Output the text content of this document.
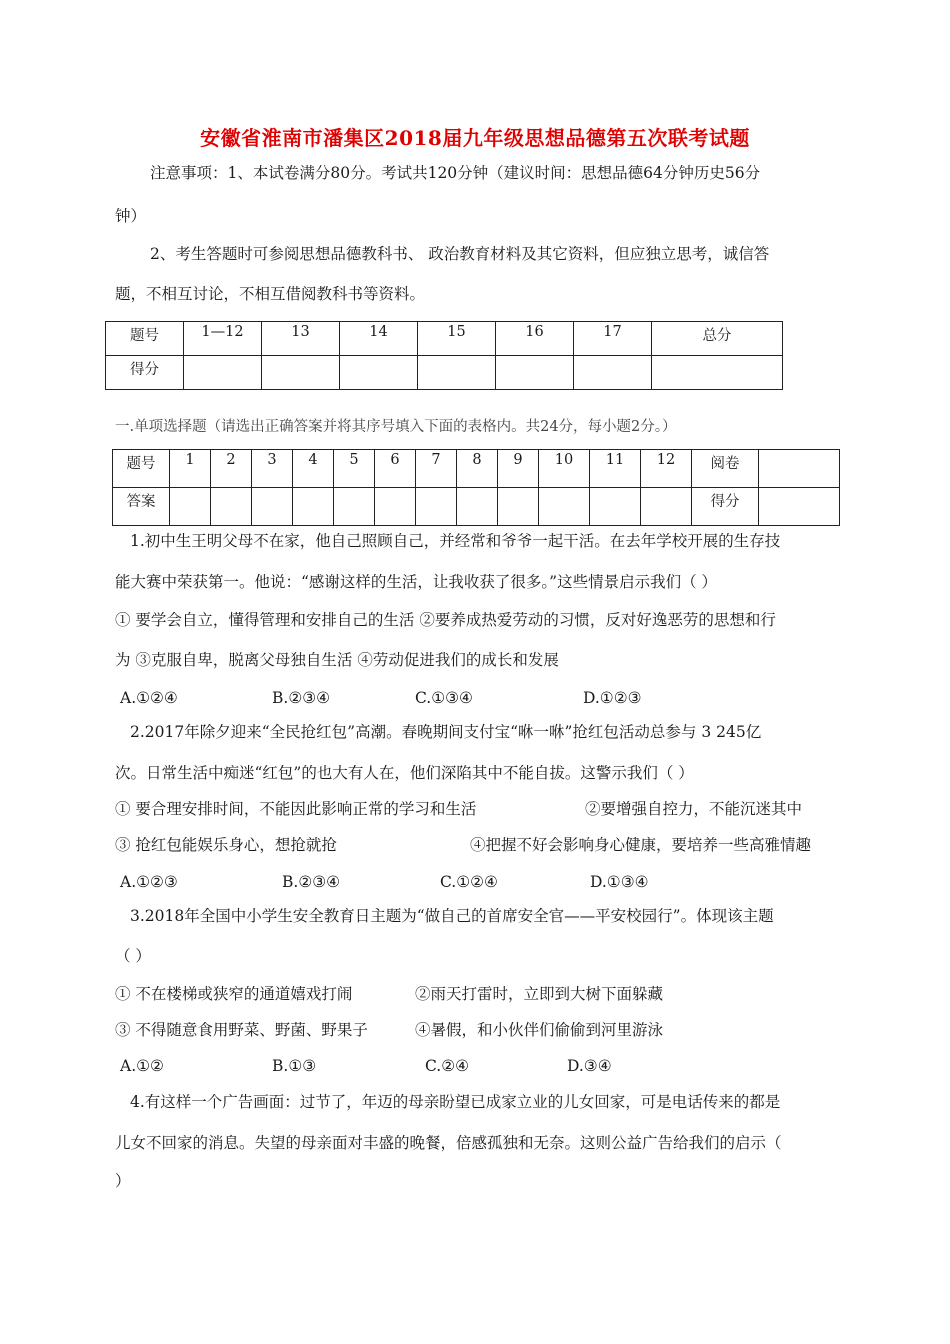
安徽省淮南市潘集区2018届九年级思想品德第五次联考试题
注意事项：1、本试卷满分80分。考试共120分钟（建议时间：思想品德64分钟历史56分
钟）
2、考生答题时可参阅思想品德教科书、 政治教育材料及其它资料，但应独立思考，诚信答
题，不相互讨论，不相互借阅教科书等资料。
题号	1—12	13	14	15	16	17	总分
得分							
一.单项选择题（请选出正确答案并将其序号填入下面的表格内。共24分，每小题2分。）
题号	1	2	3	4	5	6	7	8	9	10	11	12	阅卷	
答案													得分	
1.初中生王明父母不在家，他自己照顾自己，并经常和爷爷一起干活。在去年学校开展的生存技
能大赛中荣获第一。他说：“感谢这样的生活，让我收获了很多。”这些情景启示我们（ ）
① 要学会自立，懂得管理和安排自己的生活 ②要养成热爱劳动的习惯，反对好逸恶劳的思想和行
为 ③克服自卑，脱离父母独自生活 ④劳动促进我们的成长和发展
A.①②④	B.②③④	C.①③④	D.①②③
2.2017年除夕迎来“全民抢红包”高潮。春晚期间支付宝“咻一咻”抢红包活动总参与 3 245亿
次。日常生活中痴迷“红包”的也大有人在，他们深陷其中不能自拔。这警示我们（ ）
① 要合理安排时间，不能因此影响正常的学习和生活	②要增强自控力，不能沉迷其中
③ 抢红包能娱乐身心，想抢就抢	④把握不好会影响身心健康，要培养一些高雅情趣
A.①②③	B.②③④	C.①②④	D.①③④
3.2018年全国中小学生安全教育日主题为“做自己的首席安全官——平安校园行”。体现该主题
（ ）
① 不在楼梯或狭窄的通道嬉戏打闹	②雨天打雷时，立即到大树下面躲藏
③ 不得随意食用野菜、野菌、野果子	④暑假，和小伙伴们偷偷到河里游泳
A.①②	B.①③	C.②④	D.③④
4.有这样一个广告画面：过节了，年迈的母亲盼望已成家立业的儿女回家，可是电话传来的都是
儿女不回家的消息。失望的母亲面对丰盛的晚餐，倍感孤独和无奈。这则公益广告给我们的启示（
）
